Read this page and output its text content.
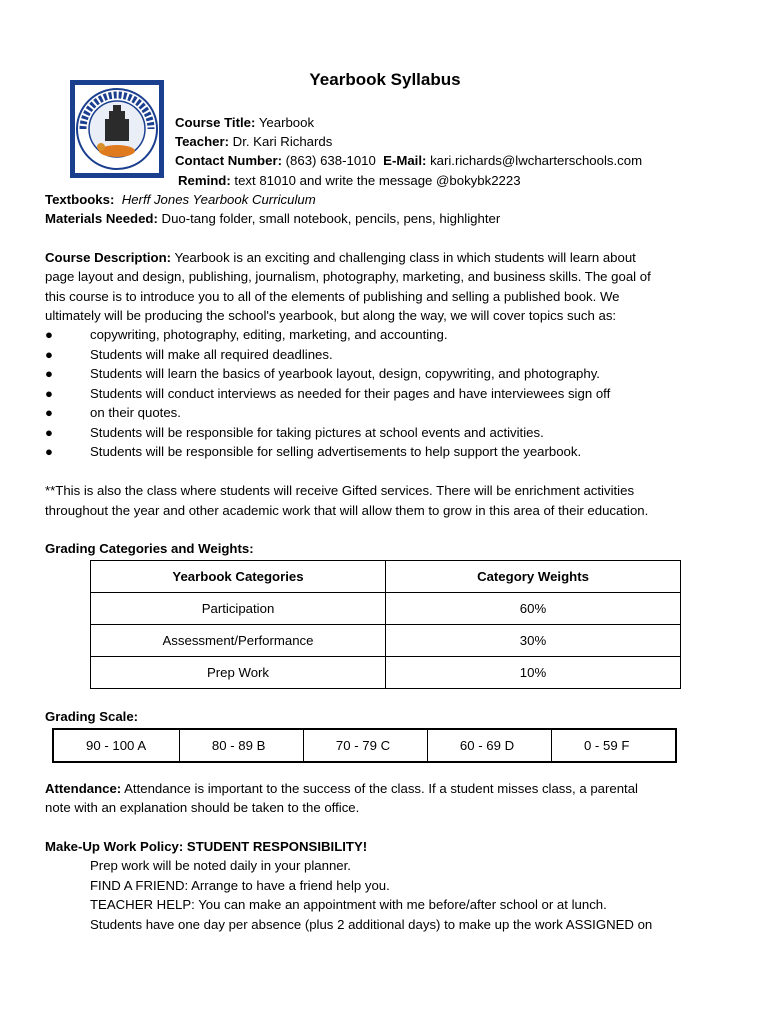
Yearbook Syllabus
Course Title: Yearbook
Teacher: Dr. Kari Richards
Contact Number: (863) 638-1010 E-Mail: kari.richards@lwcharterschools.com
Remind: text 81010 and write the message @bokybk2223
Textbooks: Herff Jones Yearbook Curriculum
Materials Needed: Duo-tang folder, small notebook, pencils, pens, highlighter
Course Description: Yearbook is an exciting and challenging class in which students will learn about
page layout and design, publishing, journalism, photography, marketing, and business skills. The goal of
this course is to introduce you to all of the elements of publishing and selling a published book. We
ultimately will be producing the school's yearbook, but along the way, we will cover topics such as:
●	copywriting, photography, editing, marketing, and accounting.
●	Students will make all required deadlines.
●	Students will learn the basics of yearbook layout, design, copywriting, and photography.
●	Students will conduct interviews as needed for their pages and have interviewees sign off
●	on their quotes.
●	Students will be responsible for taking pictures at school events and activities.
●	Students will be responsible for selling advertisements to help support the yearbook.
**This is also the class where students will receive Gifted services. There will be enrichment activities
throughout the year and other academic work that will allow them to grow in this area of their education.
Grading Categories and Weights:
Yearbook Categories	Category Weights
Participation	60%
Assessment/Performance	30%
Prep Work	10%
Grading Scale:
90 - 100 A	80 - 89 B	70 - 79 C	60 - 69 D	0 - 59 F
Attendance: Attendance is important to the success of the class. If a student misses class, a parental
note with an explanation should be taken to the office.
Make-Up Work Policy: STUDENT RESPONSIBILITY!
Prep work will be noted daily in your planner.
FIND A FRIEND: Arrange to have a friend help you.
TEACHER HELP: You can make an appointment with me before/after school or at lunch.
Students have one day per absence (plus 2 additional days) to make up the work ASSIGNED on
